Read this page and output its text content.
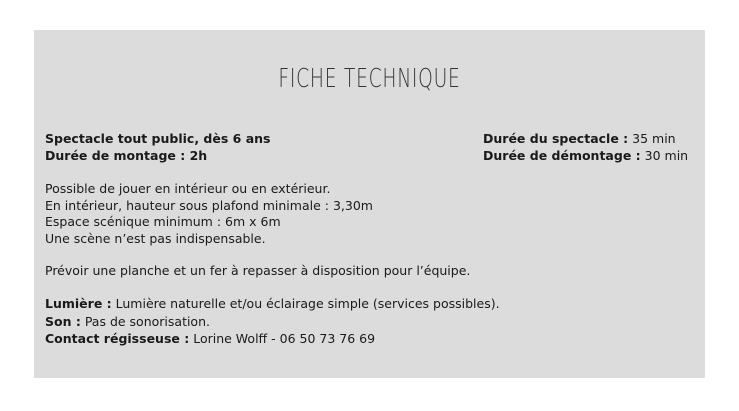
FICHE TECHNIQUE
Spectacle tout public, dès 6 ans
Durée de montage : 2h
Durée du spectacle : 35 min
Durée de démontage : 30 min
Possible de jouer en intérieur ou en extérieur.
En intérieur, hauteur sous plafond minimale : 3,30m
Espace scénique minimum : 6m x 6m
Une scène n’est pas indispensable.
Prévoir une planche et un fer à repasser à disposition pour l’équipe.
Lumière : Lumière naturelle et/ou éclairage simple (services possibles).
Son : Pas de sonorisation.
Contact régisseuse : Lorine Wolff - 06 50 73 76 69
